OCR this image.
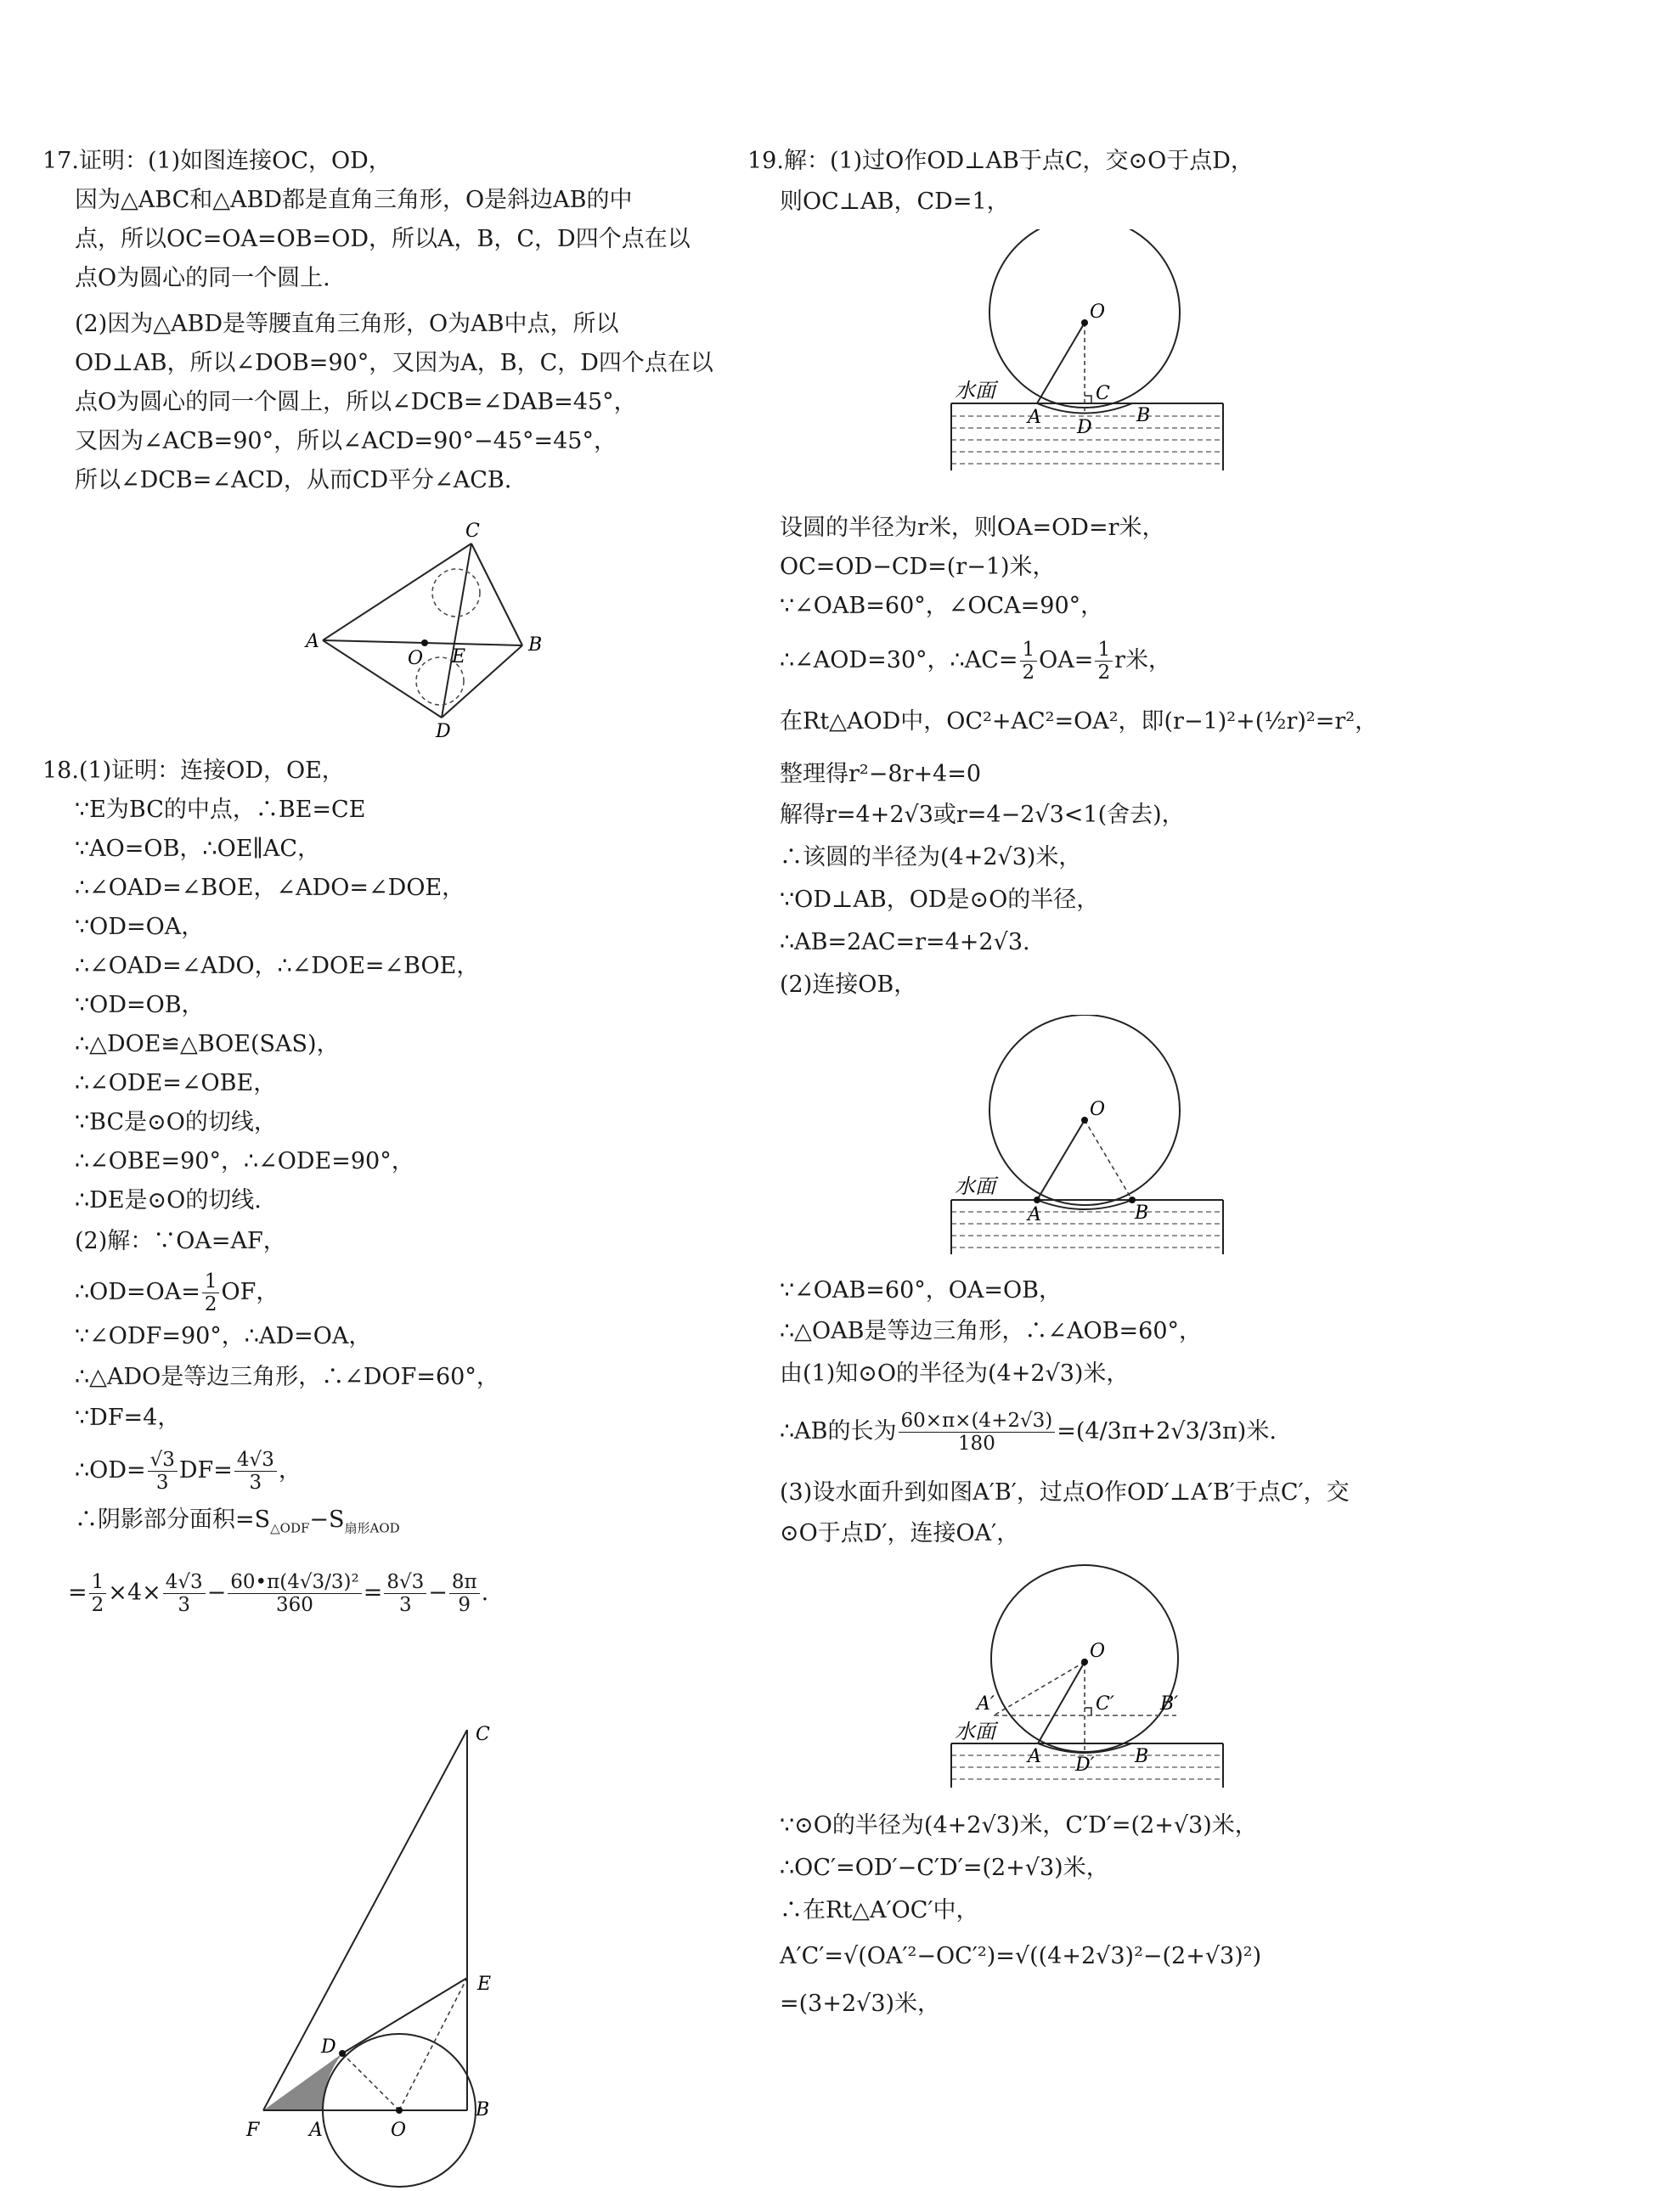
17.证明：(1)如图连接OC，OD，
因为△ABC和△ABD都是直角三角形，O是斜边AB的中
点，所以OC=OA=OB=OD，所以A，B，C，D四个点在以
点O为圆心的同一个圆上.
(2)因为△ABD是等腰直角三角形，O为AB中点，所以
OD⊥AB，所以∠DOB=90°，又因为A，B，C，D四个点在以
点O为圆心的同一个圆上，所以∠DCB=∠DAB=45°，
又因为∠ACB=90°，所以∠ACD=90°−45°=45°，
所以∠DCB=∠ACD，从而CD平分∠ACB.
A	B
C
D
O E
18.(1)证明：连接OD，OE，
∵E为BC的中点，∴BE=CE
∵AO=OB，∴OE∥AC，
∴∠OAD=∠BOE，∠ADO=∠DOE，
∵OD=OA，
∴∠OAD=∠ADO，∴∠DOE=∠BOE，
∵OD=OB，
∴△DOE≌△BOE(SAS)，
∴∠ODE=∠OBE，
∵BC是⊙O的切线，
∴∠OBE=90°，∴∠ODE=90°，
∴DE是⊙O的切线.
(2)解：∵OA=AF，
∴OD=OA= $\frac{1}{2}$ OF，
∵∠ODF=90°，∴AD=OA，
∴△ADO是等边三角形，∴∠DOF=60°，
∵DF=4，
∴OD= $\frac{√3}{3} DF= \frac{4√3}{3}$ ，
∴阴影部分面积$=S_{\triangle ODF}-S_{扇形AOD}$
= $\frac{1}{2} \times 4\times \frac{4√3}{3} - \frac{\text{60•π(4√3/3)²}}{360} = \frac{8√3}{3} - \frac{8\pi}{9}$ .
F	A	O
B
E
C
D
19.解：(1)过O作OD⊥AB于点C，交⊙O于点D，
则OC⊥AB，CD=1，
水面
O
A	B
C
D
设圆的半径为r米，则OA=OD=r米，
OC=OD−CD=(r−1)米，
∵∠OAB=60°，∠OCA=90°，
∴∠AOD=30°，∴AC= $\frac{1}{2} OA= \frac{1}{2}$ r米，
在Rt△AOD中，OC²+AC²=OA²，即(r−1)²+(½r)²=r²，
整理得r²−8r+4=0
解得r=4+2√3或r=4−2√3<1(舍去)，
∴该圆的半径为(4+2√3)米，
∵OD⊥AB，OD是⊙O的半径，
∴AB=2AC=r=4+2√3.
(2)连接OB，
水面
O
A	B
∵∠OAB=60°，OA=OB，
∴△OAB是等边三角形，∴∠AOB=60°，
由(1)知⊙O的半径为(4+2√3)米，
∴AB的长为 $\frac{60\times\pi\times(4+2√3)}{180} =(4/3\pi+2√3/3\pi)$米.
(3)设水面升到如图A′B′，过点O作OD′⊥A′B′于点C′，交
⊙O于点D′，连接OA′，
水面
O
A′	B′
C′
A	B
D′
∵⊙O的半径为(4+2√3)米，C′D′=(2+√3)米，
∴OC′=OD′−C′D′=(2+√3)米，
∴在Rt△A′OC′中，
A′C′=√(OA′²−OC′²)=√((4+2√3)²−(2+√3)²)
=(3+2√3)米，
